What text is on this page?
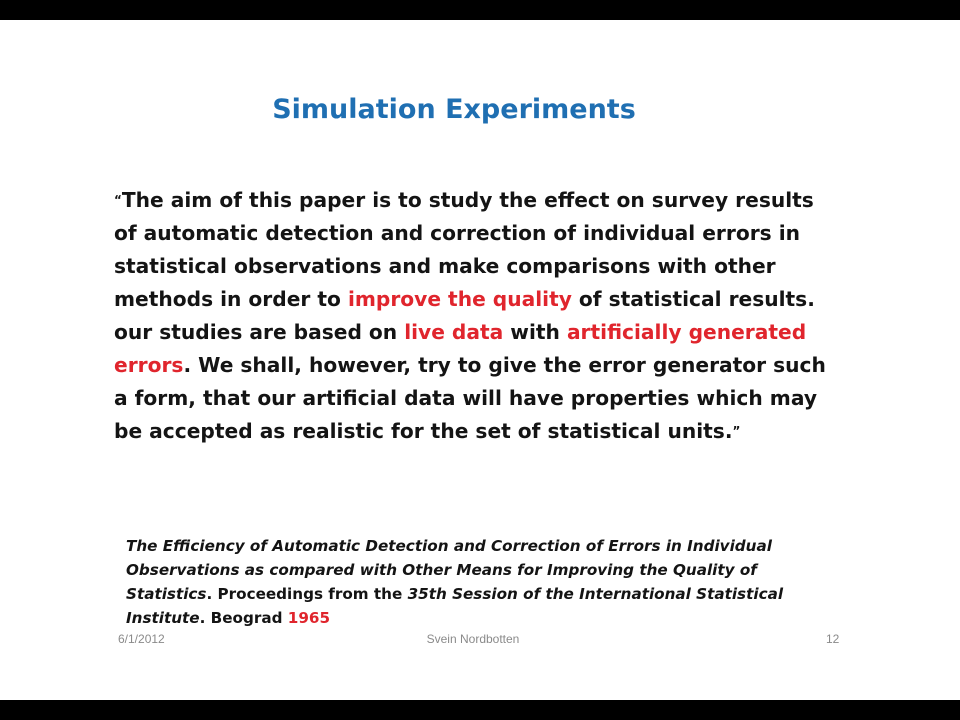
Simulation Experiments
“The aim of this paper is to study the effect on survey results
of automatic detection and correction of individual errors in
statistical observations and make comparisons with other
methods in order to improve the quality of statistical results.
our studies are based on live data with artificially generated
errors. We shall, however, try to give the error generator such
a form, that our artificial data will have properties which may
be accepted as realistic for the set of statistical units.”
The Efficiency of Automatic Detection and Correction of Errors in Individual
Observations as compared with Other Means for Improving the Quality of
Statistics. Proceedings from the 35th Session of the International Statistical
Institute. Beograd 1965
6/1/2012	Svein Nordbotten	12
